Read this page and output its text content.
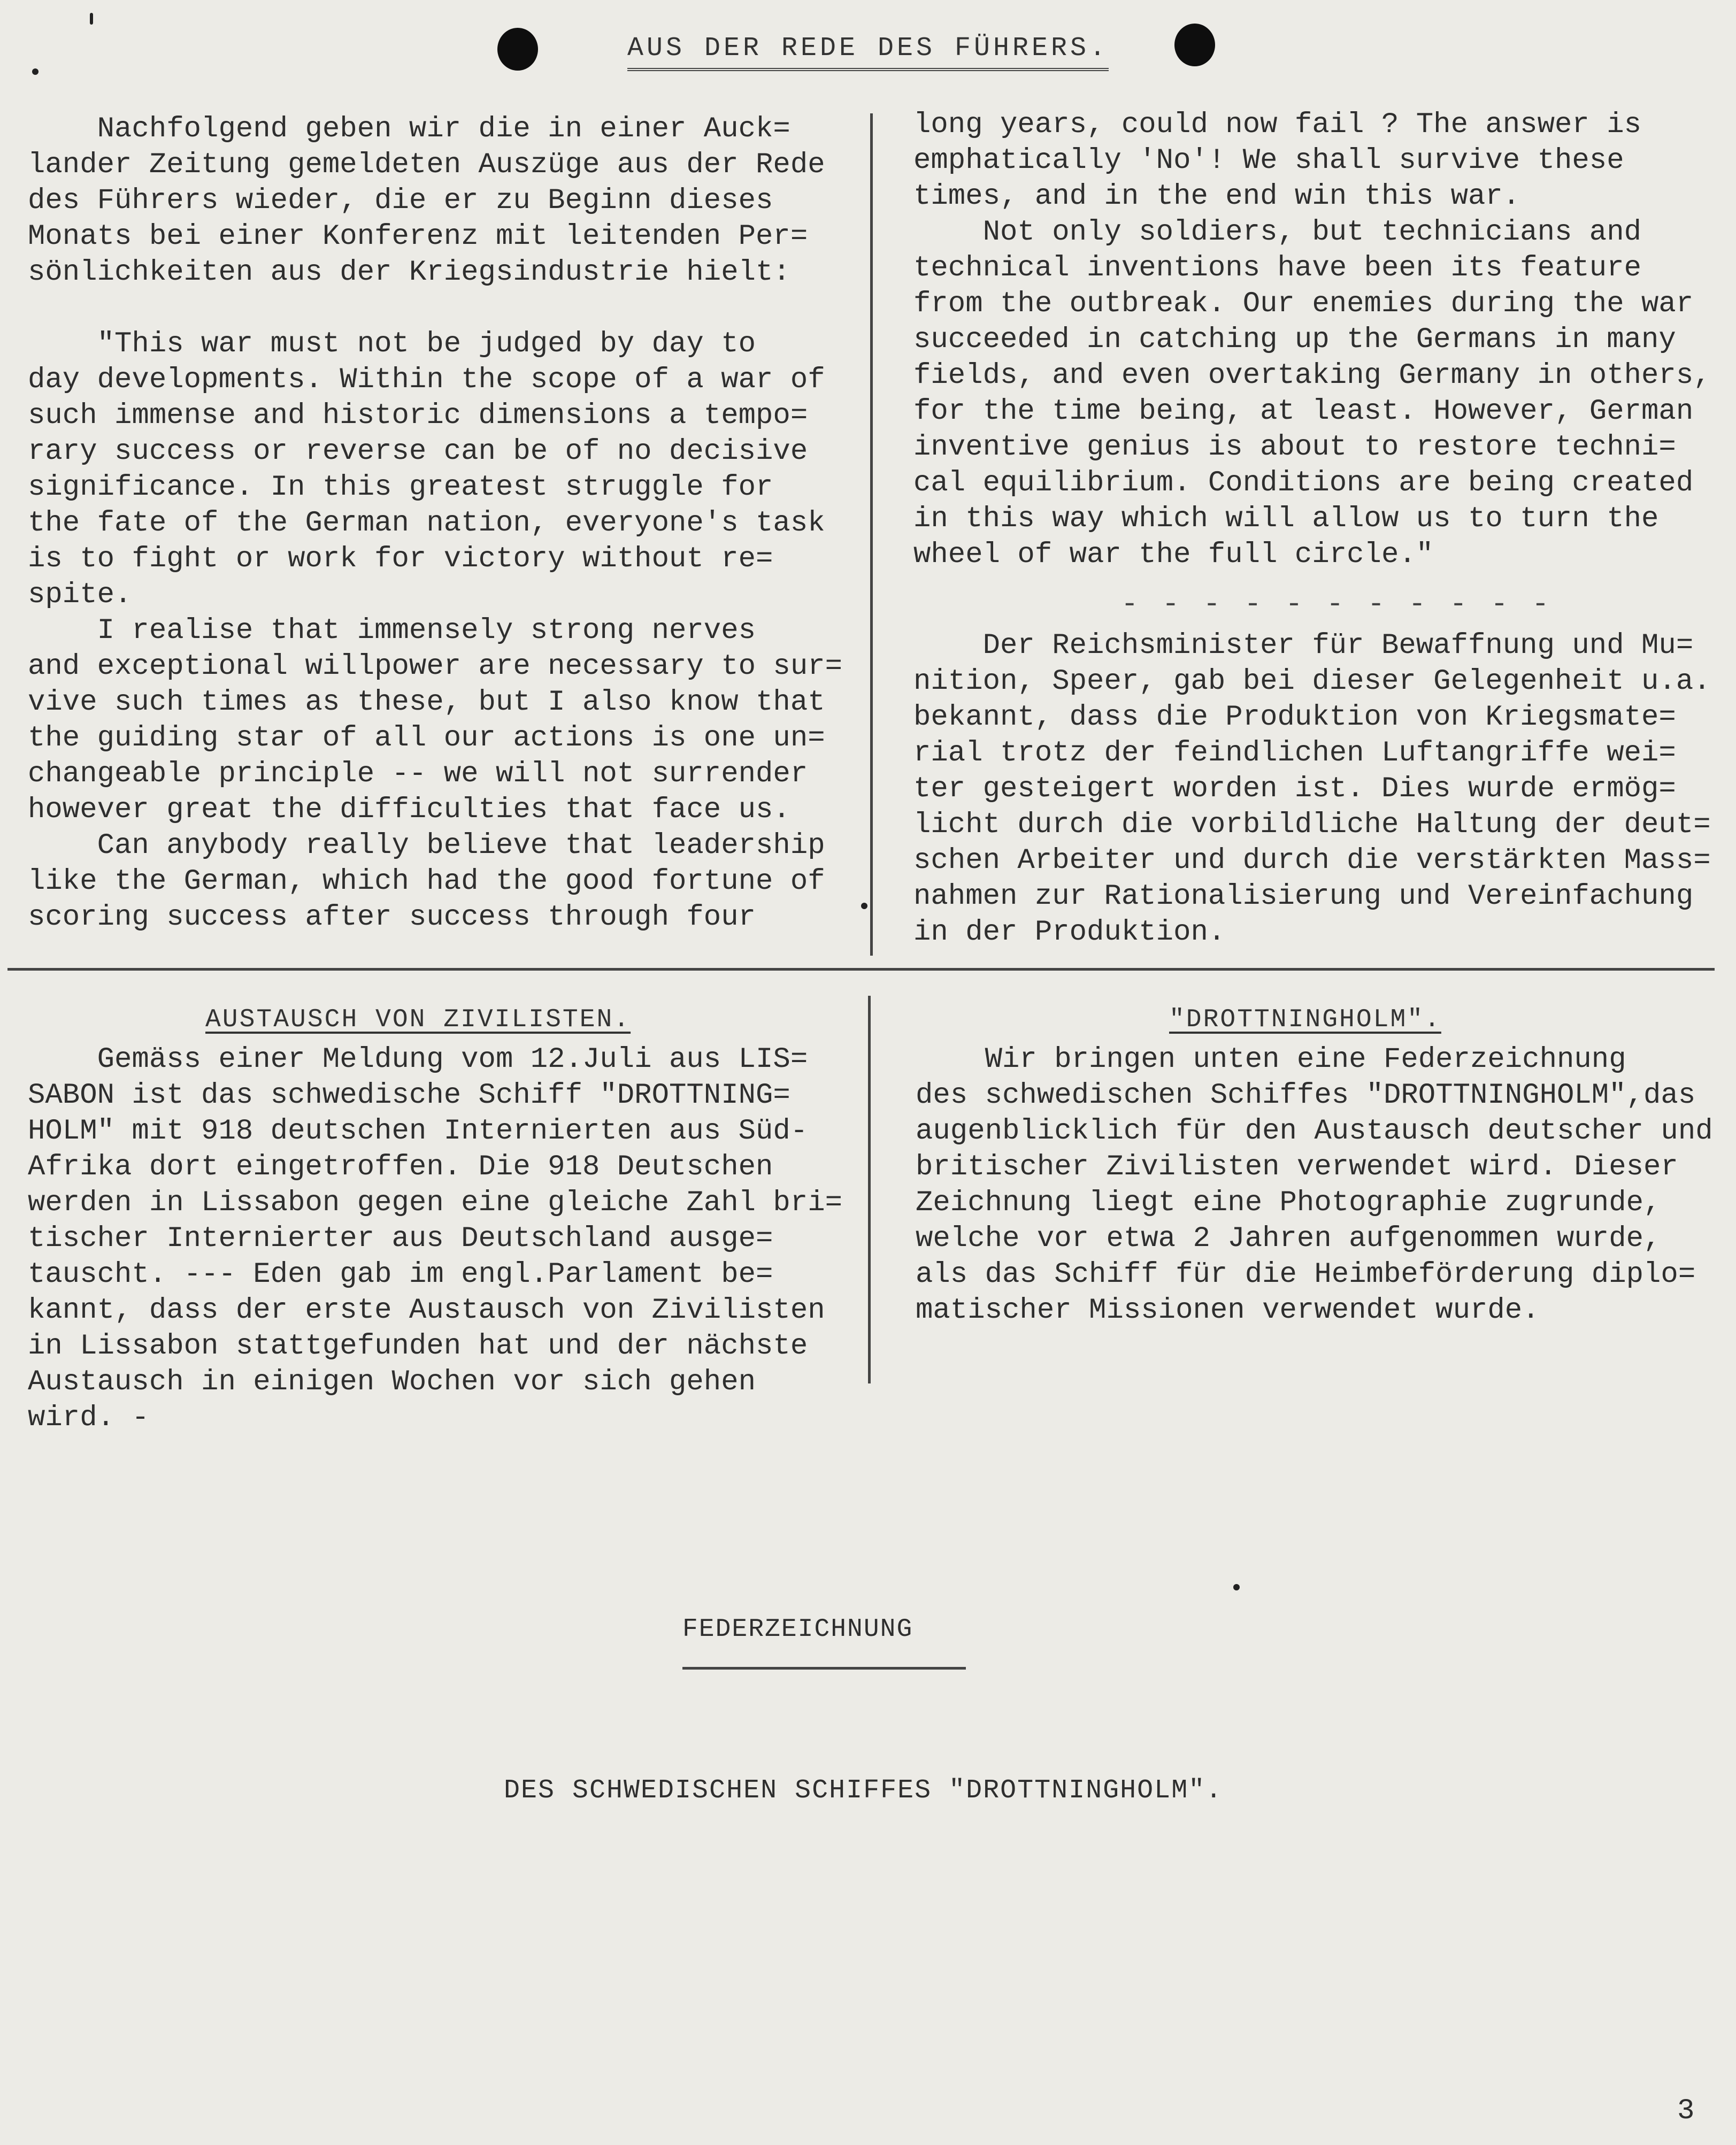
AUS DER REDE DES FÜHRERS.

Nachfolgend geben wir die in einer Auck=

lander Zeitung gemeldeten Auszüge aus der Rede

des Führers wieder, die er zu Beginn dieses

Monats bei einer Konferenz mit leitenden Per=

sönlichkeiten aus der Kriegsindustrie hielt:

"This war must not be judged by day to

day developments. Within the scope of a war of

such immense and historic dimensions a tempo=

rary success or reverse can be of no decisive

significance. In this greatest struggle for

the fate of the German nation, everyone's task

is to fight or work for victory without re=

spite.

I realise that immensely strong nerves

and exceptional willpower are necessary to sur=

vive such times as these, but I also know that

the guiding star of all our actions is one un=

changeable principle -- we will not surrender

however great the difficulties that face us.

Can anybody really believe that leadership

like the German, which had the good fortune of

scoring success after success through four

long years, could now fail ? The answer is

emphatically 'No'! We shall survive these

times, and in the end win this war.

Not only soldiers, but technicians and

technical inventions have been its feature

from the outbreak. Our enemies during the war

succeeded in catching up the Germans in many

fields, and even overtaking Germany in others,

for the time being, at least. However, German

inventive genius is about to restore techni=

cal equilibrium. Conditions are being created

in this way which will allow us to turn the

wheel of war the full circle."

- - - - - - - - - - -

Der Reichsminister für Bewaffnung und Mu=

nition, Speer, gab bei dieser Gelegenheit u.a.

bekannt, dass die Produktion von Kriegsmate=

rial trotz der feindlichen Luftangriffe wei=

ter gesteigert worden ist. Dies wurde ermög=

licht durch die vorbildliche Haltung der deut=

schen Arbeiter und durch die verstärkten Mass=

nahmen zur Rationalisierung und Vereinfachung

in der Produktion.

AUSTAUSCH VON ZIVILISTEN.

Gemäss einer Meldung vom 12.Juli aus LIS=

SABON ist das schwedische Schiff "DROTTNING=

HOLM" mit 918 deutschen Internierten aus Süd-

Afrika dort eingetroffen. Die 918 Deutschen

werden in Lissabon gegen eine gleiche Zahl bri=

tischer Internierter aus Deutschland ausge=

tauscht. --- Eden gab im engl.Parlament be=

kannt, dass der erste Austausch von Zivilisten

in Lissabon stattgefunden hat und der nächste

Austausch in einigen Wochen vor sich gehen

wird. -

"DROTTNINGHOLM".

Wir bringen unten eine Federzeichnung

des schwedischen Schiffes "DROTTNINGHOLM",das

augenblicklich für den Austausch deutscher und

britischer Zivilisten verwendet wird. Dieser

Zeichnung liegt eine Photographie zugrunde,

welche vor etwa 2 Jahren aufgenommen wurde,

als das Schiff für die Heimbeförderung diplo=

matischer Missionen verwendet wurde.

FEDERZEICHNUNG
DES SCHWEDISCHEN SCHIFFES "DROTTNINGHOLM".
3
